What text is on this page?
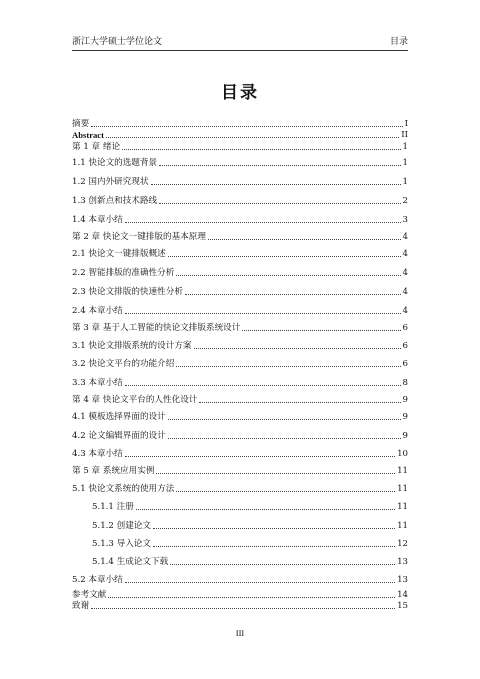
浙江大学硕士学位论文	目录
目录
摘要	I
Abstract	II
第 1 章 绪论	1
1.1 快论文的选题背景	1
1.2 国内外研究现状	1
1.3 创新点和技术路线	2
1.4 本章小结	3
第 2 章 快论文一键排版的基本原理	4
2.1 快论文一键排版概述	4
2.2 智能排版的准确性分析	4
2.3 快论文排版的快速性分析	4
2.4 本章小结	4
第 3 章 基于人工智能的快论文排版系统设计	6
3.1 快论文排版系统的设计方案	6
3.2 快论文平台的功能介绍	6
3.3 本章小结	8
第 4 章 快论文平台的人性化设计	9
4.1 模板选择界面的设计	9
4.2 论文编辑界面的设计	9
4.3 本章小结	10
第 5 章 系统应用实例	11
5.1 快论文系统的使用方法	11
5.1.1 注册	11
5.1.2 创建论文	11
5.1.3 导入论文	12
5.1.4 生成论文下载	13
5.2 本章小结	13
参考文献	14
致谢	15
III
